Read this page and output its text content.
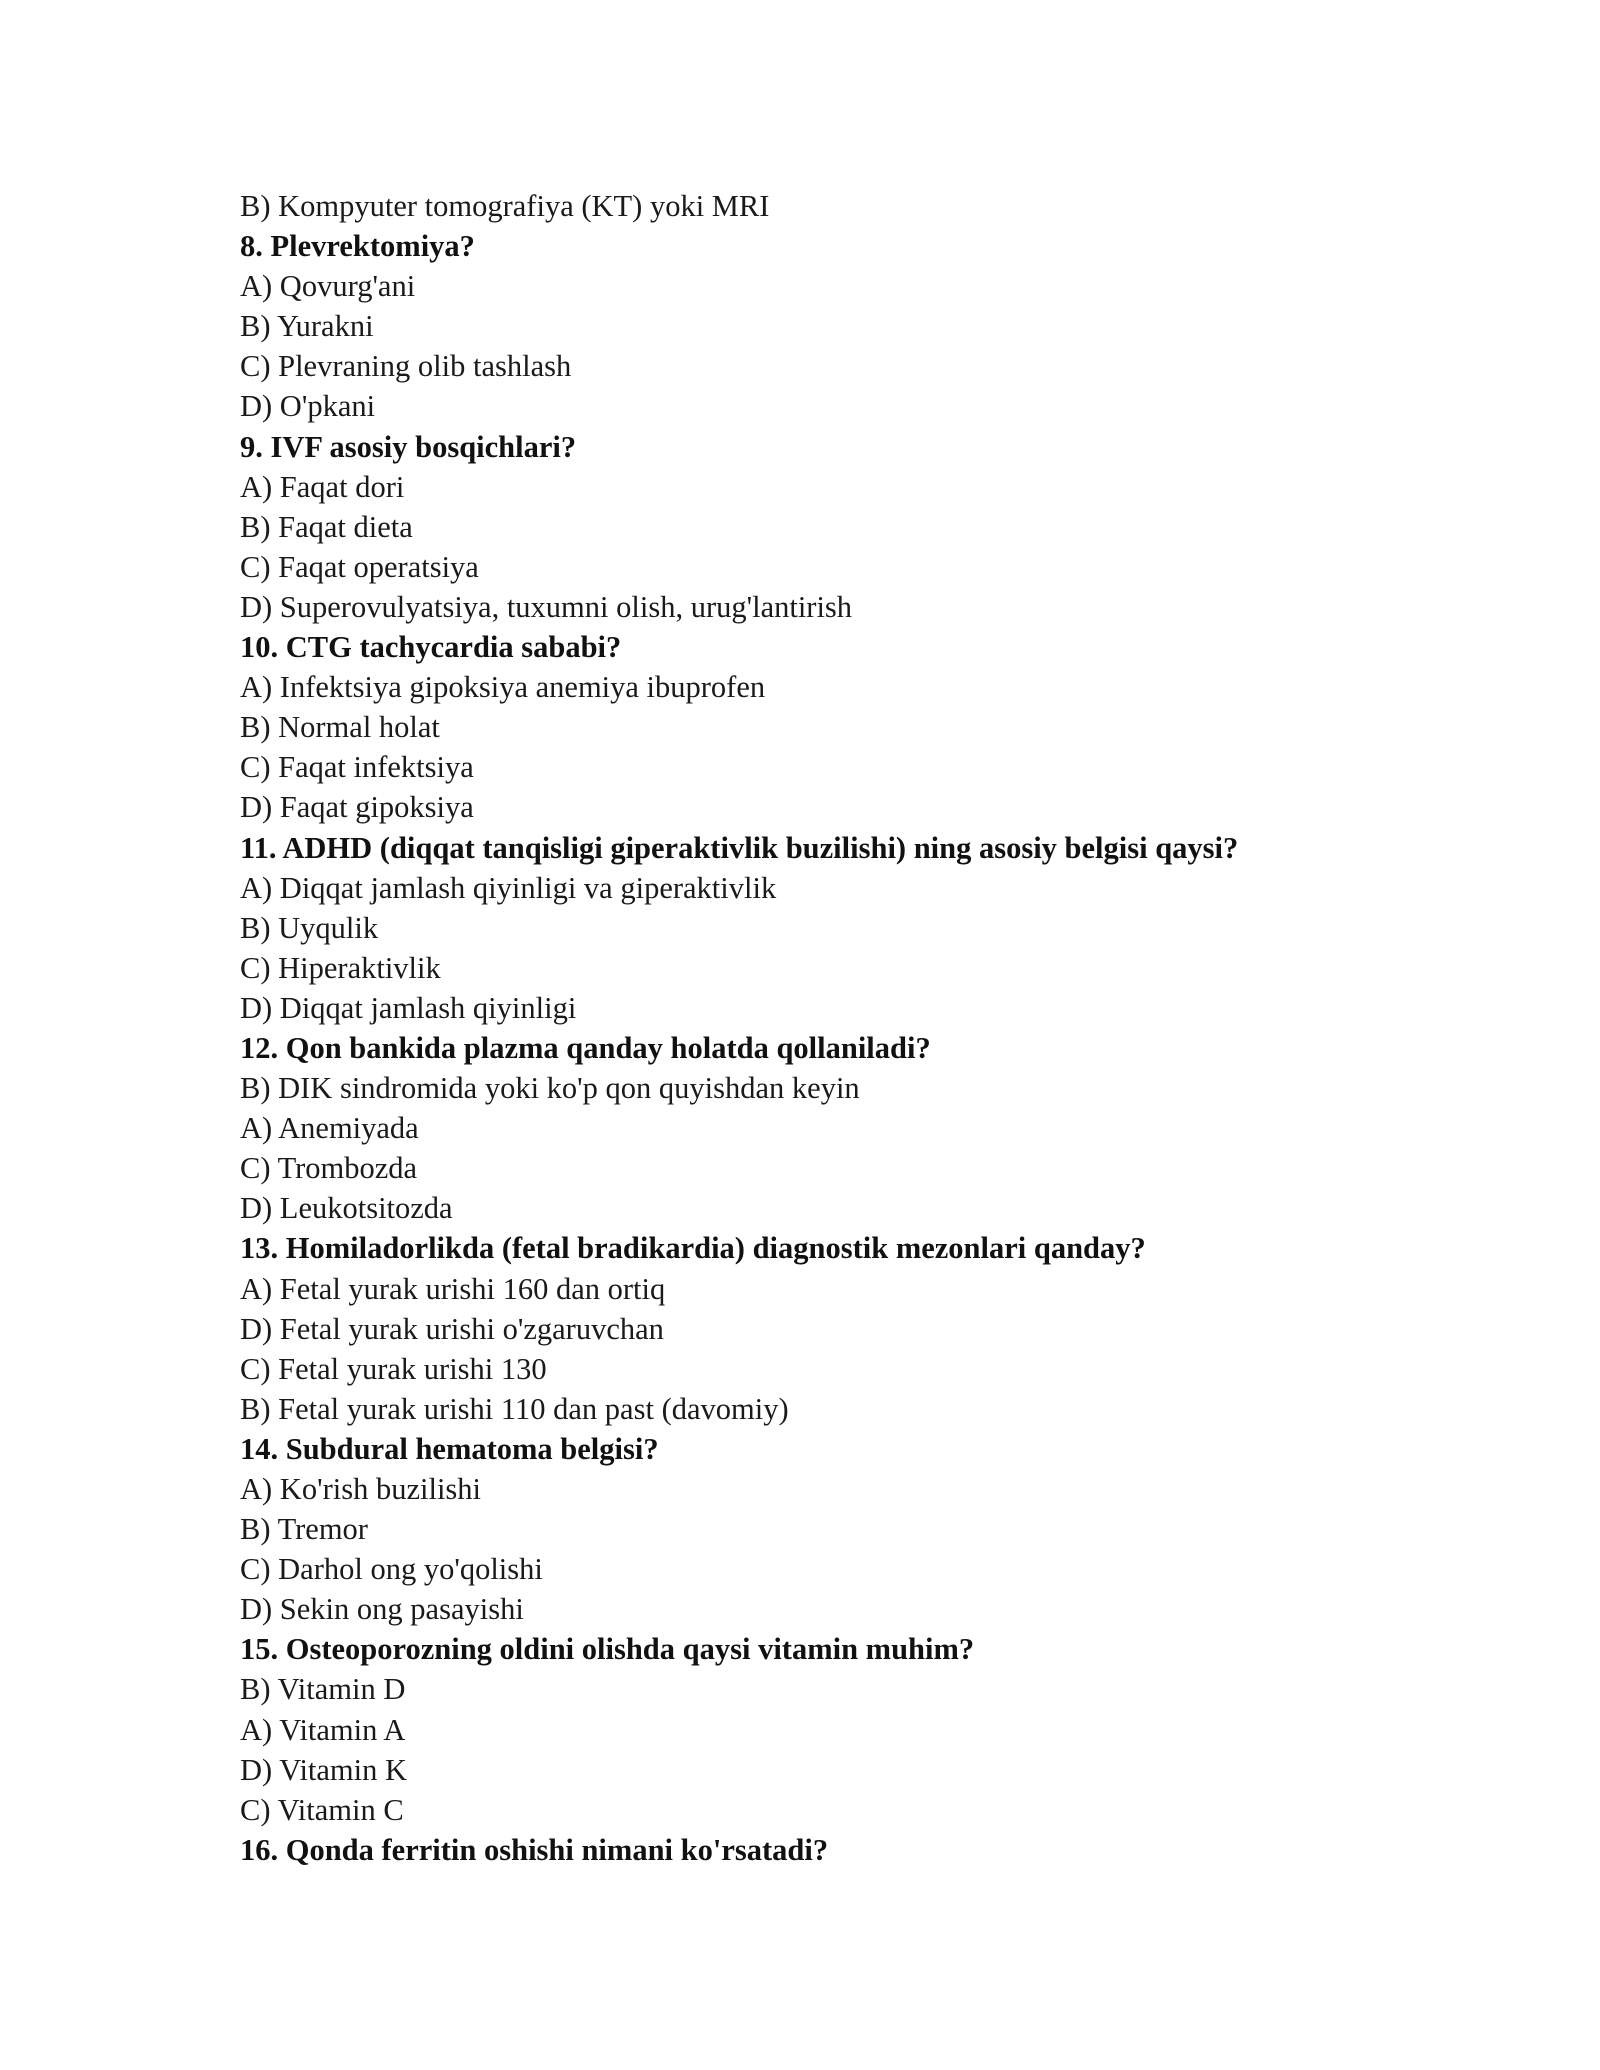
B) Kompyuter tomografiya (KT) yoki MRI
8. Plevrektomiya?
A) Qovurg'ani
B) Yurakni
C) Plevraning olib tashlash
D) O'pkani
9. IVF asosiy bosqichlari?
A) Faqat dori
B) Faqat dieta
C) Faqat operatsiya
D) Superovulyatsiya, tuxumni olish, urug'lantirish
10. CTG tachycardia sababi?
A) Infektsiya gipoksiya anemiya ibuprofen
B) Normal holat
C) Faqat infektsiya
D) Faqat gipoksiya
11. ADHD (diqqat tanqisligi giperaktivlik buzilishi) ning asosiy belgisi qaysi?
A) Diqqat jamlash qiyinligi va giperaktivlik
B) Uyqulik
C) Hiperaktivlik
D) Diqqat jamlash qiyinligi
12. Qon bankida plazma qanday holatda qollaniladi?
B) DIK sindromida yoki ko'p qon quyishdan keyin
A) Anemiyada
C) Trombozda
D) Leukotsitozda
13. Homiladorlikda (fetal bradikardia) diagnostik mezonlari qanday?
A) Fetal yurak urishi 160 dan ortiq
D) Fetal yurak urishi o'zgaruvchan
C) Fetal yurak urishi 130
B) Fetal yurak urishi 110 dan past (davomiy)
14. Subdural hematoma belgisi?
A) Ko'rish buzilishi
B) Tremor
C) Darhol ong yo'qolishi
D) Sekin ong pasayishi
15. Osteoporozning oldini olishda qaysi vitamin muhim?
B) Vitamin D
A) Vitamin A
D) Vitamin K
C) Vitamin C
16. Qonda ferritin oshishi nimani ko'rsatadi?
